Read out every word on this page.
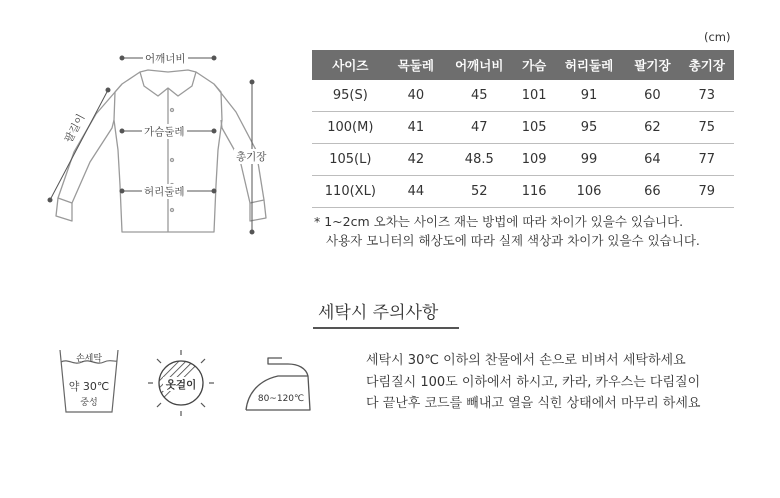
어깨너비
가슴둘레
허리둘레
총기장
팔길이
(cm)
사이즈	목둘레	어깨너비	가슴	허리둘레	팔기장	총기장
95(S)	40	45	101	91	60	73
100(M)	41	47	105	95	62	75
105(L)	42	48.5	109	99	64	77
110(XL)	44	52	116	106	66	79
* 1~2cm 오차는 사이즈 재는 방법에 따라 차이가 있을수 있습니다.
사용자 모니터의 해상도에 따라 실제 색상과 차이가 있을수 있습니다.
세탁시 주의사항
손세탁
약 30℃
중성
옷걸이
80~120℃
세탁시 30℃ 이하의 찬물에서 손으로 비벼서 세탁하세요
다림질시 100도 이하에서 하시고, 카라, 카우스는 다림질이
다 끝난후 코드를 빼내고 열을 식힌 상태에서 마무리 하세요
